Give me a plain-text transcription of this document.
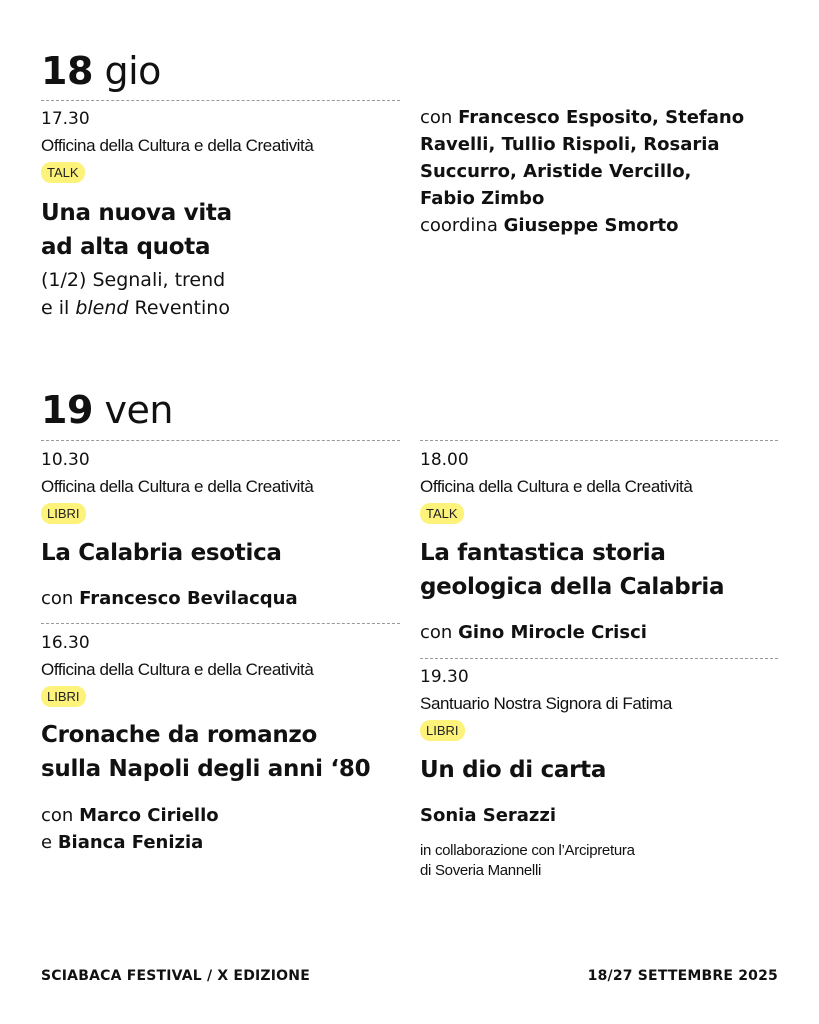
18 gio
17.30
Officina della Cultura e della Creatività
TALK
Una nuova vita
ad alta quota
(1/2) Segnali, trend
e il blend Reventino
con Francesco Esposito, Stefano
Ravelli, Tullio Rispoli, Rosaria
Succurro, Aristide Vercillo,
Fabio Zimbo
coordina Giuseppe Smorto
19 ven
10.30
Officina della Cultura e della Creatività
LIBRI
La Calabria esotica
con Francesco Bevilacqua
16.30
Officina della Cultura e della Creatività
LIBRI
Cronache da romanzo
sulla Napoli degli anni ‘80
con Marco Ciriello
e Bianca Fenizia
18.00
Officina della Cultura e della Creatività
TALK
La fantastica storia
geologica della Calabria
con Gino Mirocle Crisci
19.30
Santuario Nostra Signora di Fatima
LIBRI
Un dio di carta
Sonia Serazzi
in collaborazione con l’Arcipretura
di Soveria Mannelli
SCIABACA FESTIVAL / X EDIZIONE	18/27 SETTEMBRE 2025
